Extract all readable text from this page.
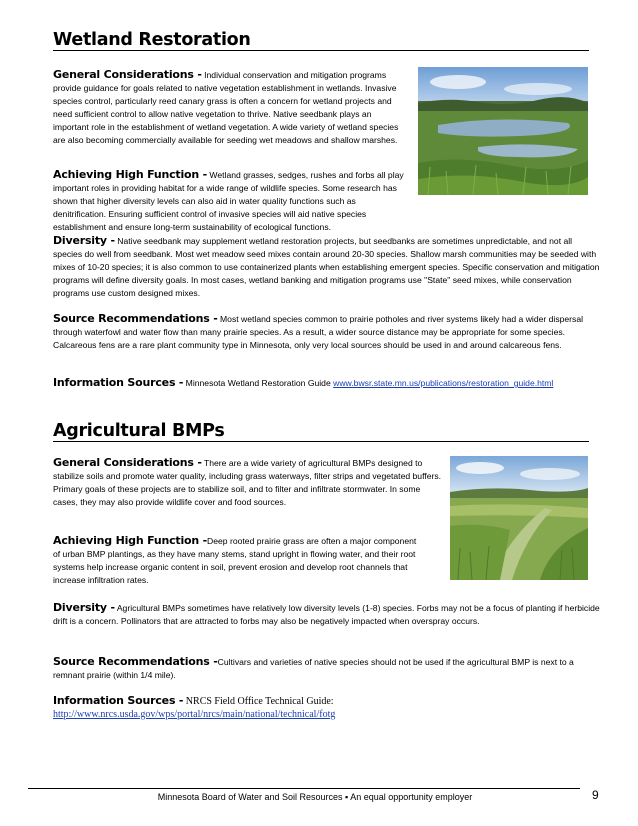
Wetland Restoration

General Considerations - Individual conservation and mitigation programs provide guidance for goals related to native vegetation establishment in wetlands. Invasive species control, particularly reed canary grass is often a concern for wetland projects and need sufficient control to allow native vegetation to thrive. Native seedbank plays an important role in the establishment of wetland vegetation. A wide variety of wetland species are also becoming commercially available for seeding wet meadows and shallow marshes.

Achieving High Function - Wetland grasses, sedges, rushes and forbs all play important roles in providing habitat for a wide range of wildlife species. Some research has shown that higher diversity levels can also aid in water quality functions such as denitrification. Ensuring sufficient control of invasive species will aid native species establishment and ensure long-term sustainability of ecological functions.

Diversity - Native seedbank may supplement wetland restoration projects, but seedbanks are sometimes unpredictable, and not all species do well from seedbank. Most wet meadow seed mixes contain around 20-30 species. Shallow marsh communities may be seeded with mixes of 10-20 species; it is also common to use containerized plants when establishing emergent species. Specific conservation and mitigation programs will define diversity goals. In most cases, wetland banking and mitigation programs use "State" seed mixes, while conservation programs use custom designed mixes.

Source Recommendations - Most wetland species common to prairie potholes and river systems likely had a wider dispersal through waterfowl and water flow than many prairie species. As a result, a wider source distance may be appropriate for some species. Calcareous fens are a rare plant community type in Minnesota, only very local sources should be used in and around calcareous fens.

Information Sources - Minnesota Wetland Restoration Guide www.bwsr.state.mn.us/publications/restoration_guide.html

Agricultural BMPs

General Considerations - There are a wide variety of agricultural BMPs designed to stabilize soils and promote water quality, including grass waterways, filter strips and vegetated buffers. Primary goals of these projects are to stabilize soil, and to filter and infiltrate stormwater. In some cases, they may also provide wildlife cover and food sources.

Achieving High Function -Deep rooted prairie grass are often a major component of urban BMP plantings, as they have many stems, stand upright in flowing water, and their root systems help increase organic content in soil, prevent erosion and develop root channels that increase infiltration rates.

Diversity - Agricultural BMPs sometimes have relatively low diversity levels (1-8) species. Forbs may not be a focus of planting if herbicide drift is a concern. Pollinators that are attracted to forbs may also be negatively impacted when overspray occurs.

Source Recommendations -Cultivars and varieties of native species should not be used if the agricultural BMP is next to a remnant prairie (within 1/4 mile).

Information Sources - NRCS Field Office Technical Guide:
http://www.nrcs.usda.gov/wps/portal/nrcs/main/national/technical/fotg

Minnesota Board of Water and Soil Resources ▪ An equal opportunity employer	9
